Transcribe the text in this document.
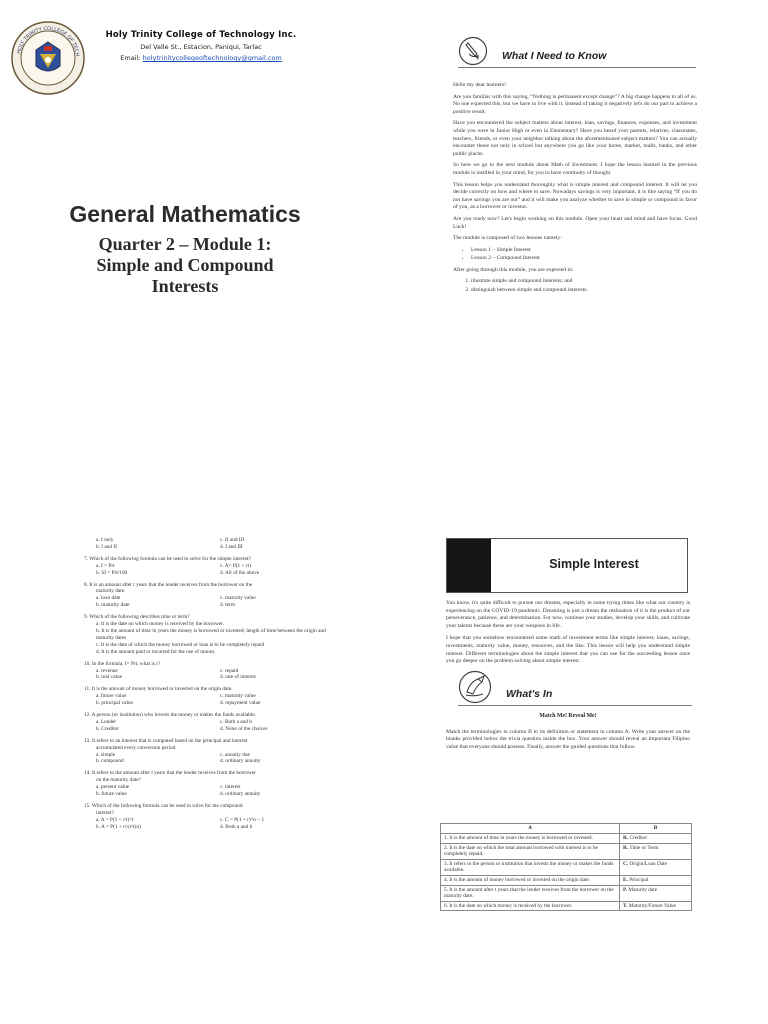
HOLY TRINITY COLLEGE OF TECH
Holy Trinity College of Technology Inc.
Del Valle St., Estacion, Paniqui, Tarlac
Email: holytrinitycollegeoftechnology@gmail.com
General Mathematics
Quarter 2 – Module 1:
Simple and Compound
Interests
What I Need to Know

Hello my dear learners!

Are you familiar with this saying, “Nothing is permanent except change”? A big change happens to all of us. No one expected this, but we have to live with it. Instead of taking it negatively let's do our part to achieve a positive result.

Have you encountered the subject matters about interest, loan, savings, finances, expenses, and investment while you were in Junior High or even in Elementary? Have you heard your parents, relatives, classmates, teachers, friends, or even your neighbor talking about the aforementioned subject matters? You can actually encounter those not only in school but anywhere you go like your home, market, malls, banks, and other public places.

So here we go to the next module about Math of Investment. I hope the lesson learned in the previous module is instilled in your mind, for you to have continuity of thought.

This lesson helps you understand thoroughly what is simple interest and compound interest. It will let you decide correctly on how and where to save. Nowadays savings is very important, it is like saying “If you do not have savings you are out” and it will make you analyze whether to save in simple or compound in favor of you, as a borrower or investor.

Are you ready now? Let's begin working on this module. Open your heart and mind and have focus. Good Luck!

The module is composed of two lessons namely:

• Lesson 1 – Simple Interest
• Lesson 2 – Compound Interest

After going through this module, you are expected to:

1. illustrate simple and compound interests; and
2. distinguish between simple and compound interests.
a. I only	c. II and III
b. I and II	d. I and III

7. Which of the following formula can be used to solve for the simple interest?

a. I = Prt	c. A= P(1 + rt)
b. SI = Prt/100	d. All of the above

8. It is an amount after t years that the lender receives from the borrower on the

maturity date.
a. loan date	c. maturity value
b. maturity date	d. term

9. Which of the following describes time or term?

a. It is the date on which money is received by the borrower.
b. It is the amount of time in years the money is borrowed or invested; length of time between the origin and maturity dates
c. It is the date of which the money borrowed or loan is to be completely repaid
d. It is the amount paid or incurred for the use of money.

10. In the formula, I= Prt, what is r?

a. revenue	c. repaid
b. real value	d. rate of interest

11. It is the amount of money borrowed or invested on the origin date.

a. future value	c. maturity value
b. principal value	d. repayment value

12. A person (or institution) who invests the money or makes the funds available.

a. Lender	c. Both a and b
b. Creditor	d. None of the choices

13. It refers to an interest that is computed based on the principal and interest

accumulated every conversion period.
a. simple	c. annuity due
b. compound	d. ordinary annuity

14. It refers to the amount after t years that the lender receives from the borrower

on the maturity date?
a. present value	c. interest
b. future value	d. ordinary annuity

15. Which of the following formula can be used to solve for the compound

interest?
a. A = P(1 + r/t)^t	c. C = P(1 + r)^n − 1
b. A = P(1 + r/n)^(tn)	d. Both a and b
Simple Interest

You know, it's quite difficult to pursue our dreams, especially in some trying times like what our country is experiencing on the COVID-19 pandemic. Dreaming is just a dream the realization of it is the product of our perseverance, patience, and determination. For now, continue your studies, develop your skills, and cultivate your talents because these are your weapons in life.

I hope that you somehow encountered some math of investment terms like simple interest, loans, savings, investments, maturity value, money, resources, and the like. This lesson will help you understand simple interest. Different terminologies about the simple interest that you can use for the succeeding lesson once you go deeper on the problem solving about simple interest.

What's In
Match Me! Reveal Me!
Match the terminologies in column B to its definition or statement in column A. Write your answer on the blanks provided below the trivia question inside the box. Your answer should reveal an important Filipino value that everyone should possess. Finally, answer the guided questions that follow.
A	B
1. It is the amount of time in years the money is borrowed or invested.	R. Creditor
2. It is the date on which the total amount borrowed with interest is to be completely repaid.	R. Time or Term
3. It refers to the person or institution that invests the money or makes the funds available.	C. Origin/Loan Date
4. It is the amount of money borrowed or invested on the origin date.	E. Principal
5. It is the amount after t years that the lender receives from the borrower on the maturity date.	P. Maturity date
6. It is the date on which money is received by the borrower.	T. Maturity/Future Value
